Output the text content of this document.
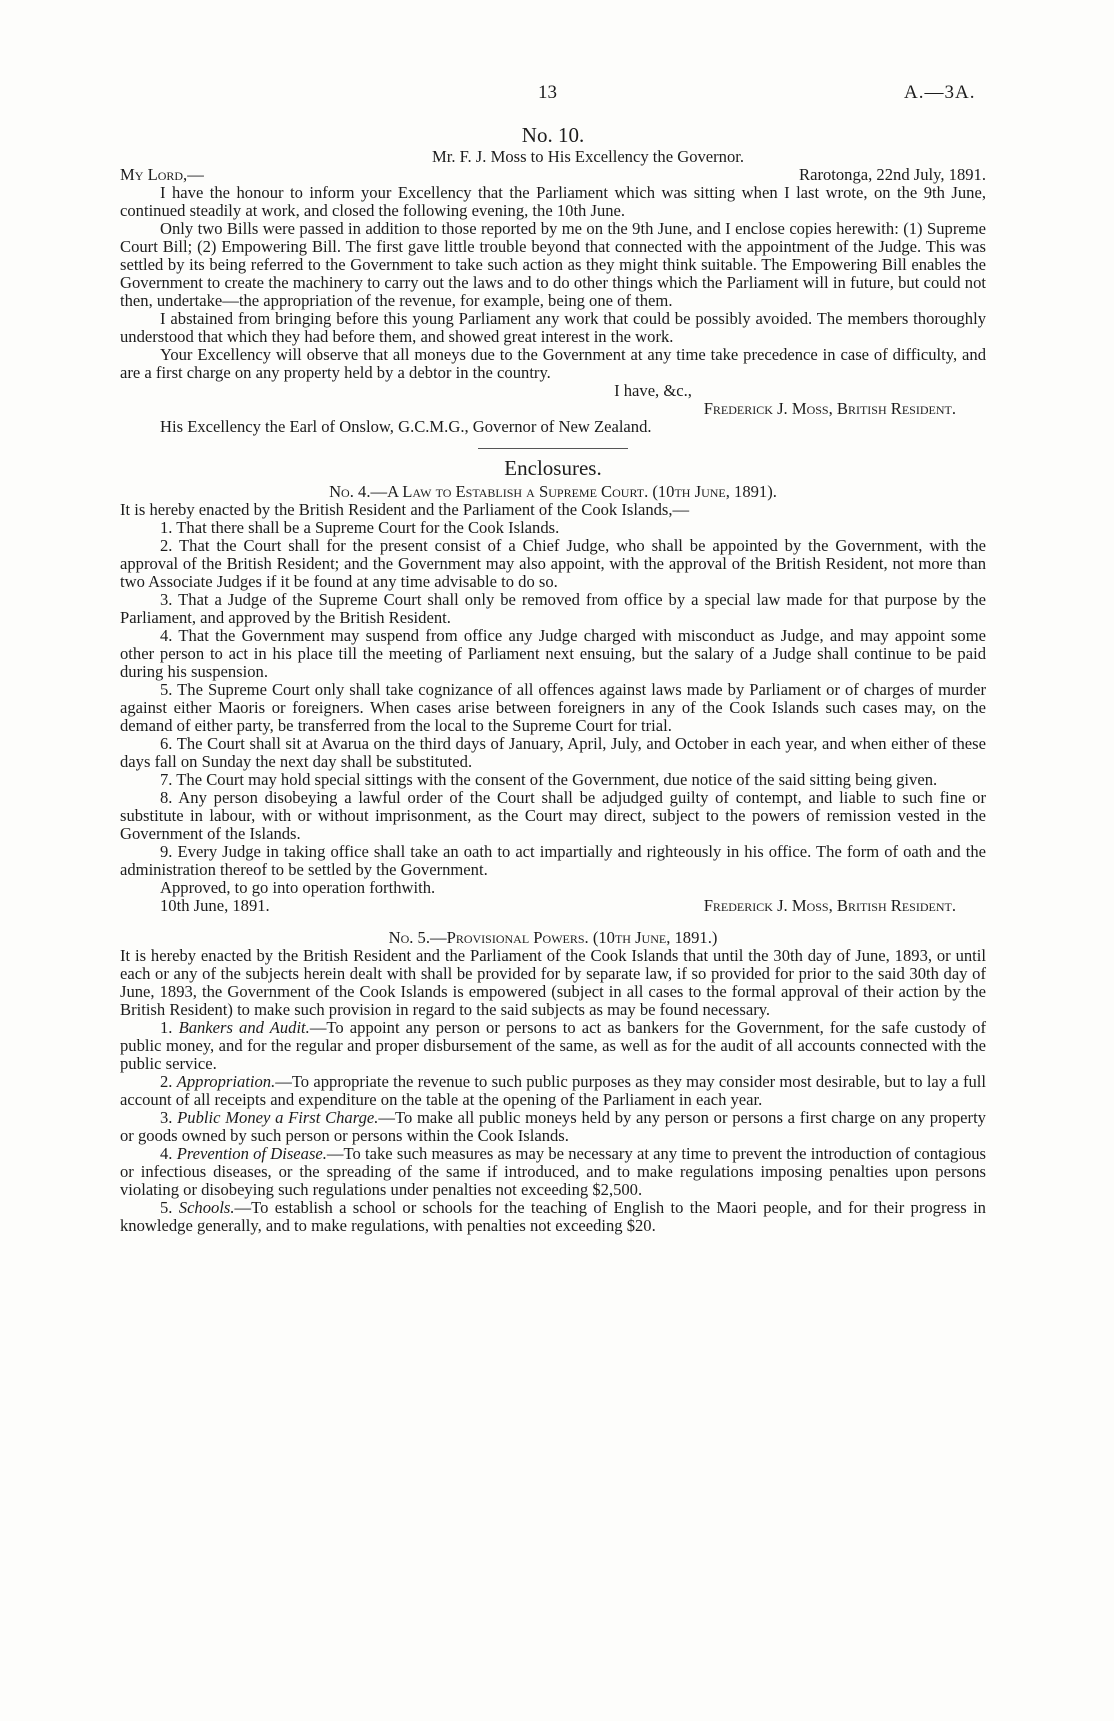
13	A.—3A.
No. 10.
Mr. F. J. Moss to His Excellency the Governor.
My Lord,—	Rarotonga, 22nd July, 1891.

I have the honour to inform your Excellency that the Parliament which was sitting when I last wrote, on the 9th June, continued steadily at work, and closed the following evening, the 10th June.

Only two Bills were passed in addition to those reported by me on the 9th June, and I enclose copies herewith: (1) Supreme Court Bill; (2) Empowering Bill. The first gave little trouble beyond that connected with the appointment of the Judge. This was settled by its being referred to the Government to take such action as they might think suitable. The Empowering Bill enables the Government to create the machinery to carry out the laws and to do other things which the Parliament will in future, but could not then, undertake—the appropriation of the revenue, for example, being one of them.

I abstained from bringing before this young Parliament any work that could be possibly avoided. The members thoroughly understood that which they had before them, and showed great interest in the work.

Your Excellency will observe that all moneys due to the Government at any time take precedence in case of difficulty, and are a first charge on any property held by a debtor in the country.

I have, &c.,
Frederick J. Moss, British Resident.

His Excellency the Earl of Onslow, G.C.M.G., Governor of New Zealand.

Enclosures.
No. 4.—A Law to Establish a Supreme Court. (10th June, 1891).

It is hereby enacted by the British Resident and the Parliament of the Cook Islands,—

1. That there shall be a Supreme Court for the Cook Islands.

2. That the Court shall for the present consist of a Chief Judge, who shall be appointed by the Government, with the approval of the British Resident; and the Government may also appoint, with the approval of the British Resident, not more than two Associate Judges if it be found at any time advisable to do so.

3. That a Judge of the Supreme Court shall only be removed from office by a special law made for that purpose by the Parliament, and approved by the British Resident.

4. That the Government may suspend from office any Judge charged with misconduct as Judge, and may appoint some other person to act in his place till the meeting of Parliament next ensuing, but the salary of a Judge shall continue to be paid during his suspension.

5. The Supreme Court only shall take cognizance of all offences against laws made by Parliament or of charges of murder against either Maoris or foreigners. When cases arise between foreigners in any of the Cook Islands such cases may, on the demand of either party, be transferred from the local to the Supreme Court for trial.

6. The Court shall sit at Avarua on the third days of January, April, July, and October in each year, and when either of these days fall on Sunday the next day shall be substituted.

7. The Court may hold special sittings with the consent of the Government, due notice of the said sitting being given.

8. Any person disobeying a lawful order of the Court shall be adjudged guilty of contempt, and liable to such fine or substitute in labour, with or without imprisonment, as the Court may direct, subject to the powers of remission vested in the Government of the Islands.

9. Every Judge in taking office shall take an oath to act impartially and righteously in his office. The form of oath and the administration thereof to be settled by the Government.

Approved, to go into operation forthwith.

10th June, 1891.	Frederick J. Moss, British Resident.
No. 5.—Provisional Powers. (10th June, 1891.)

It is hereby enacted by the British Resident and the Parliament of the Cook Islands that until the 30th day of June, 1893, or until each or any of the subjects herein dealt with shall be provided for by separate law, if so provided for prior to the said 30th day of June, 1893, the Government of the Cook Islands is empowered (subject in all cases to the formal approval of their action by the British Resident) to make such provision in regard to the said subjects as may be found necessary.

1. Bankers and Audit.—To appoint any person or persons to act as bankers for the Government, for the safe custody of public money, and for the regular and proper disbursement of the same, as well as for the audit of all accounts connected with the public service.

2. Appropriation.—To appropriate the revenue to such public purposes as they may consider most desirable, but to lay a full account of all receipts and expenditure on the table at the opening of the Parliament in each year.

3. Public Money a First Charge.—To make all public moneys held by any person or persons a first charge on any property or goods owned by such person or persons within the Cook Islands.

4. Prevention of Disease.—To take such measures as may be necessary at any time to prevent the introduction of contagious or infectious diseases, or the spreading of the same if introduced, and to make regulations imposing penalties upon persons violating or disobeying such regulations under penalties not exceeding $2,500.

5. Schools.—To establish a school or schools for the teaching of English to the Maori people, and for their progress in knowledge generally, and to make regulations, with penalties not exceeding $20.
